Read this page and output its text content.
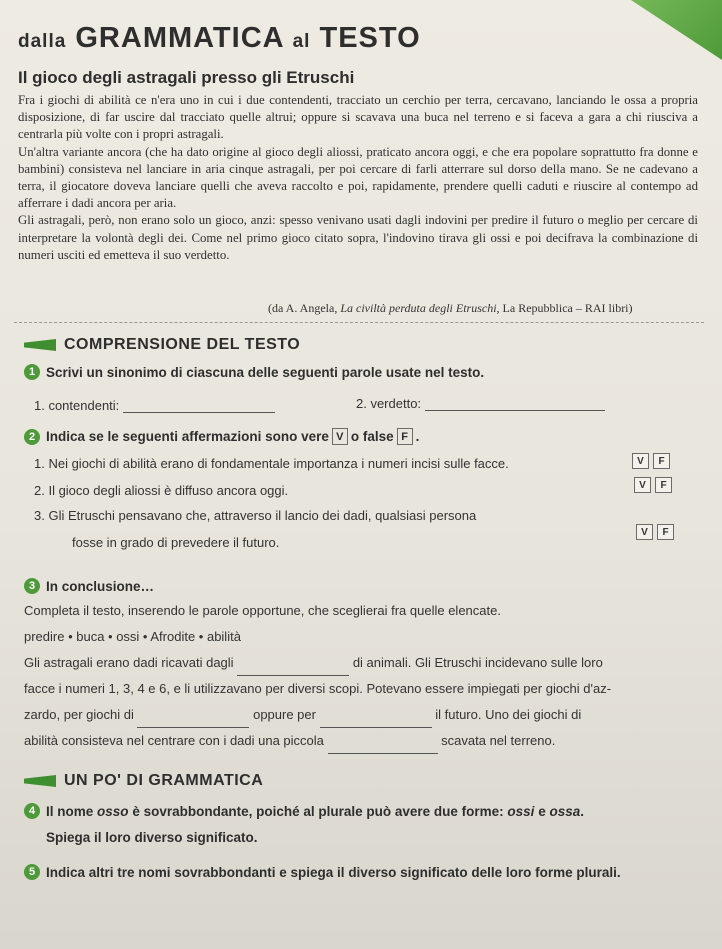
dalla GRAMMATICA al TESTO
Il gioco degli astragali presso gli Etruschi

Fra i giochi di abilità ce n'era uno in cui i due contendenti, tracciato un cerchio per terra, cercavano, lanciando le ossa a propria disposizione, di far uscire dal tracciato quelle altrui; oppure si scavava una buca nel terreno e si faceva a gara a chi riusciva a centrarla più volte con i propri astragali.

Un'altra variante ancora (che ha dato origine al gioco degli aliossi, praticato ancora oggi, e che era popolare soprattutto fra donne e bambini) consisteva nel lanciare in aria cinque astragali, per poi cercare di farli atterrare sul dorso della mano. Se ne cadevano a terra, il giocatore doveva lanciare quelli che aveva raccolto e poi, rapidamente, prendere quelli caduti e riuscire al contempo ad afferrare i dadi ancora per aria.

Gli astragali, però, non erano solo un gioco, anzi: spesso venivano usati dagli indovini per predire il futuro o meglio per cercare di interpretare la volontà degli dei. Come nel primo gioco citato sopra, l'indovino tirava gli ossi e poi decifrava la combinazione di numeri usciti ed emetteva il suo verdetto.

(da A. Angela, La civiltà perduta degli Etruschi, La Repubblica – RAI libri)
COMPRENSIONE DEL TESTO
1 Scrivi un sinonimo di ciascuna delle seguenti parole usate nel testo.
1. contendenti:	2. verdetto:
2 Indica se le seguenti affermazioni sono vere V o false F .
1. Nei giochi di abilità erano di fondamentale importanza i numeri incisi sulle facce.	V	F
2. Il gioco degli aliossi è diffuso ancora oggi.	V	F
3. Gli Etruschi pensavano che, attraverso il lancio dei dadi, qualsiasi persona
fosse in grado di prevedere il futuro.
V	F
3 In conclusione…
Completa il testo, inserendo le parole opportune, che sceglierai fra quelle elencate.
predire • buca • ossi • Afrodite • abilità
Gli astragali erano dadi ricavati dagli	di animali. Gli Etruschi incidevano sulle loro
facce i numeri 1, 3, 4 e 6, e li utilizzavano per diversi scopi. Potevano essere impiegati per giochi d'az-
zardo, per giochi di	oppure per	il futuro. Uno dei giochi di
abilità consisteva nel centrare con i dadi una piccola	scavata nel terreno.
UN PO' DI GRAMMATICA
4 Il nome
osso
è sovrabbondante, poiché al plurale può avere due forme:
ossi
e
ossa .
Spiega il loro diverso significato.
5 Indica altri tre nomi sovrabbondanti e spiega il diverso significato delle loro forme plurali.
